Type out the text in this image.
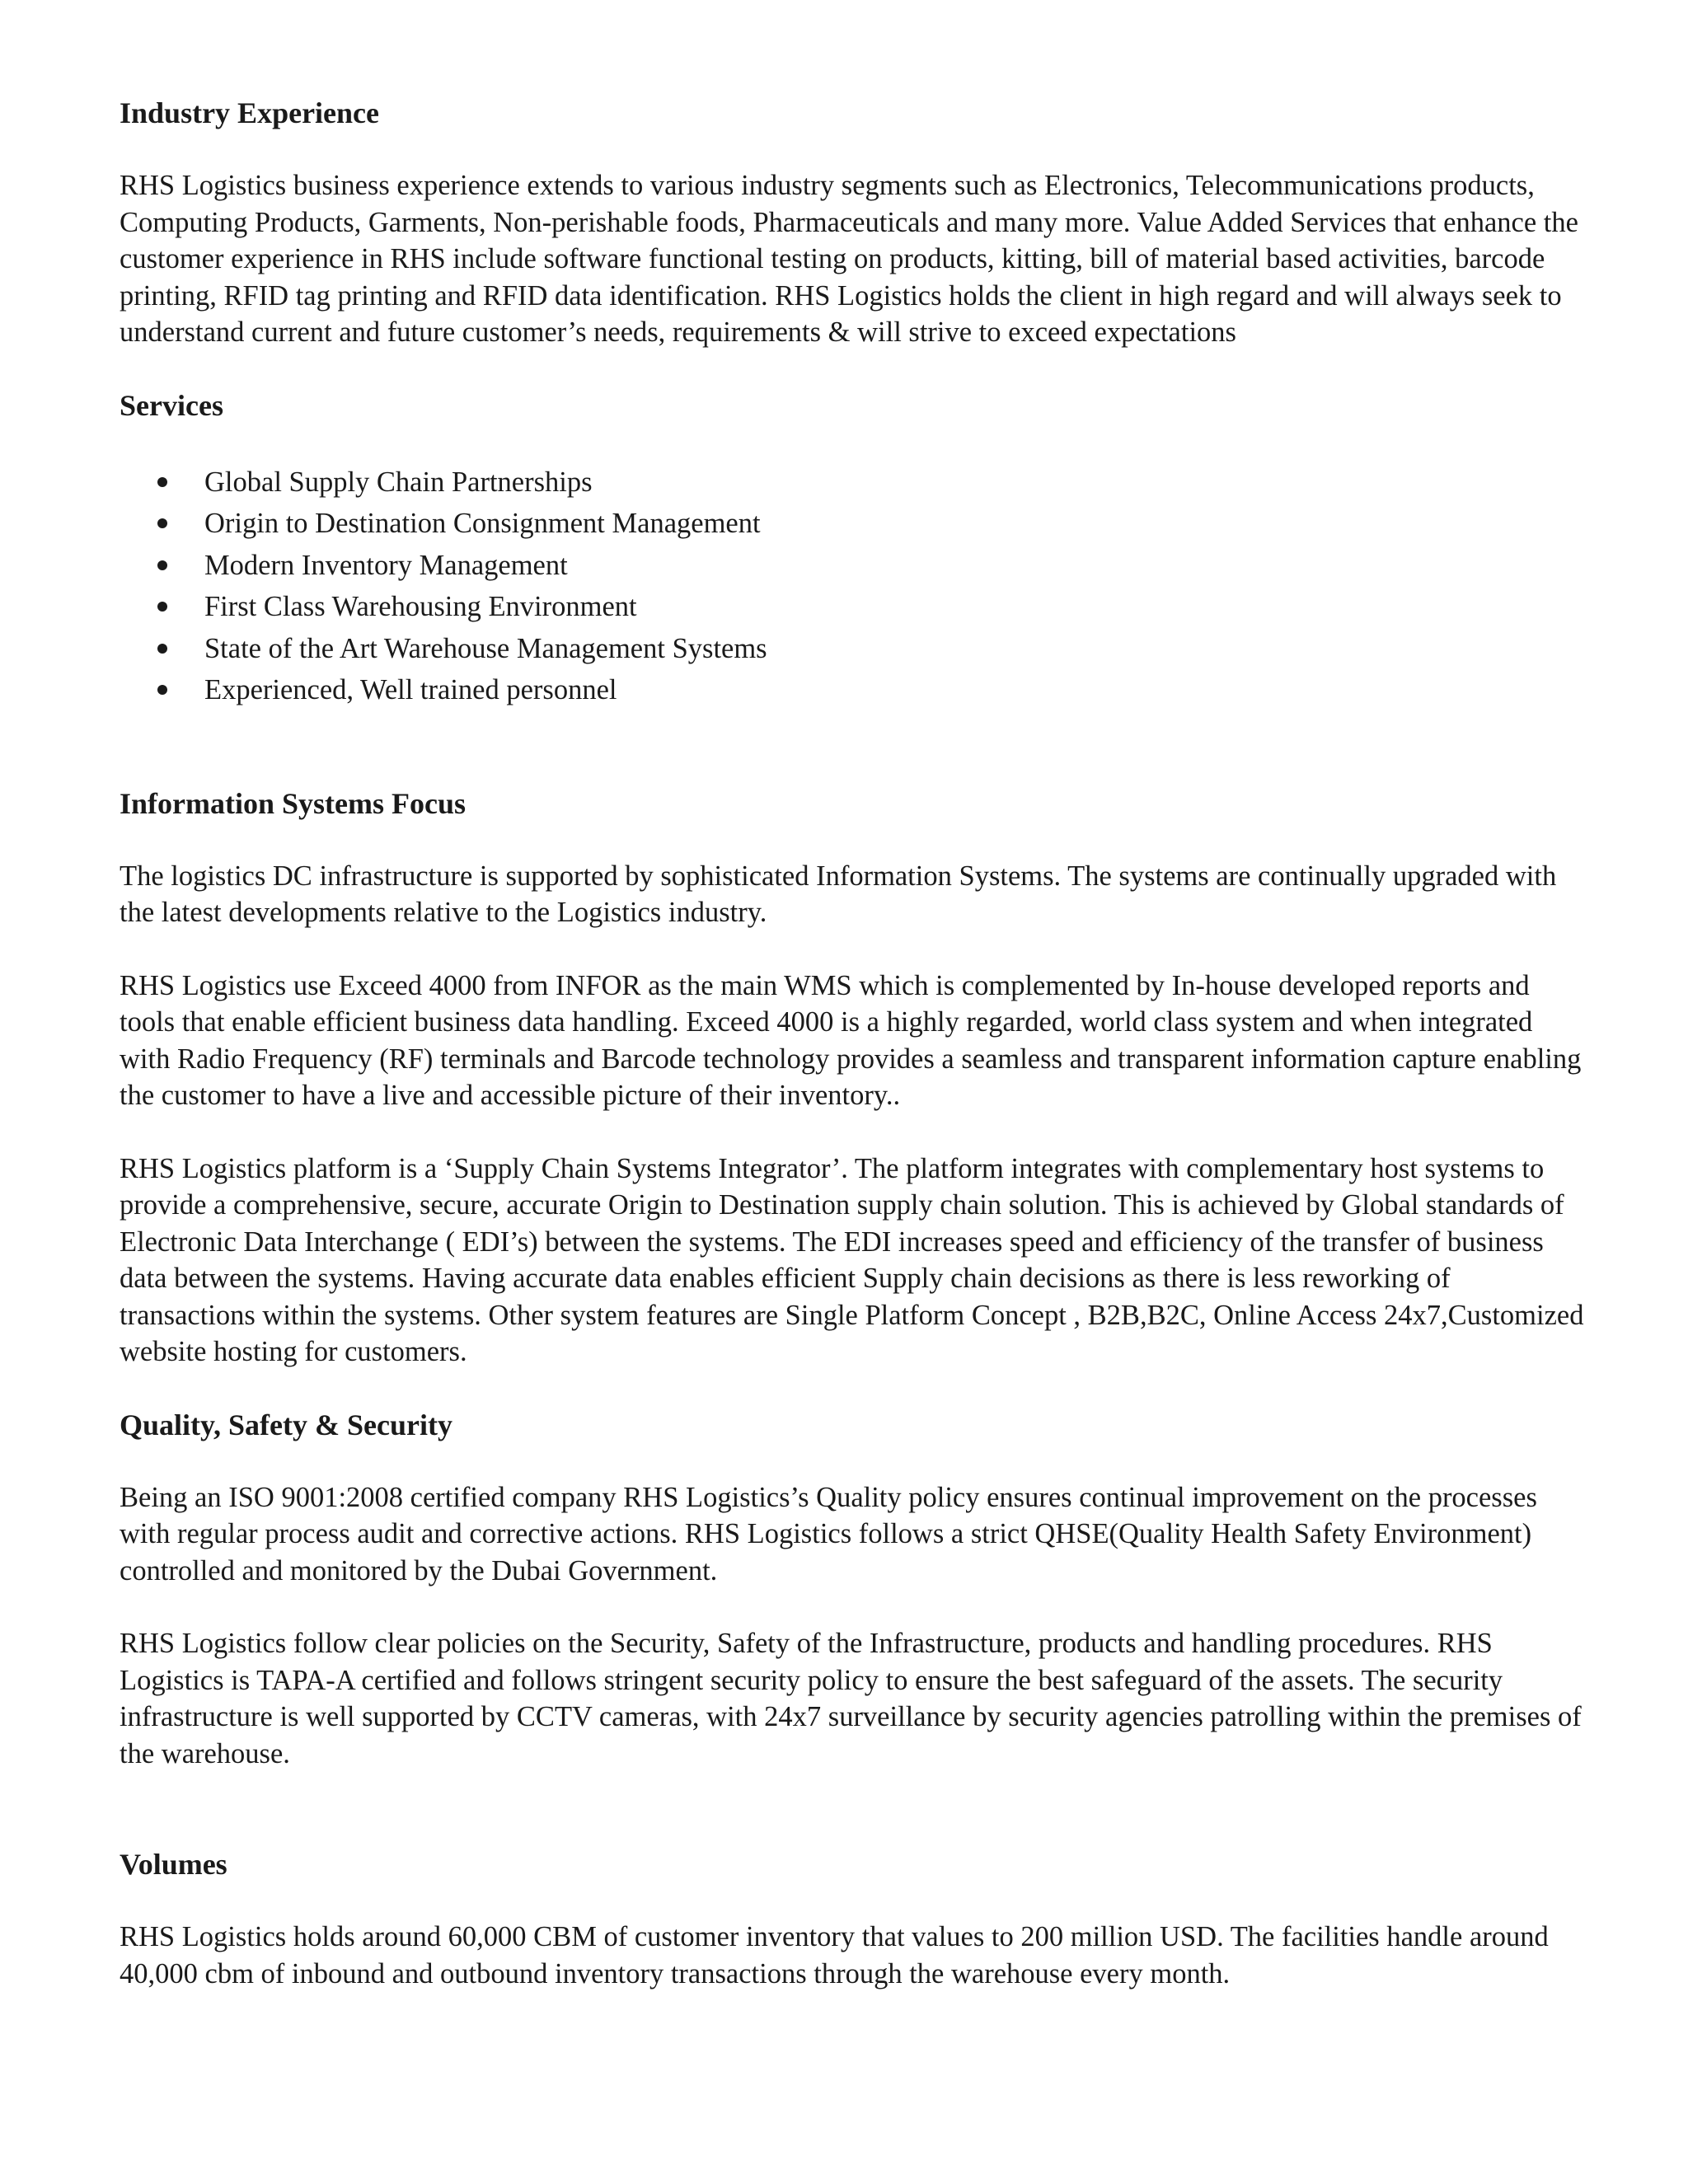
Industry Experience

RHS Logistics business experience extends to various industry segments such as Electronics, Telecommunications products, Computing Products, Garments, Non-perishable foods, Pharmaceuticals and many more. Value Added Services that enhance the customer experience in RHS include software functional testing on products, kitting, bill of material based activities, barcode printing, RFID tag printing and RFID data identification. RHS Logistics holds the client in high regard and will always seek to understand current and future customer’s needs, requirements & will strive to exceed expectations

Services
Global Supply Chain Partnerships
Origin to Destination Consignment Management
Modern Inventory Management
First Class Warehousing Environment
State of the Art Warehouse Management Systems
Experienced, Well trained personnel
Information Systems Focus

The logistics DC infrastructure is supported by sophisticated Information Systems. The systems are continually upgraded with the latest developments relative to the Logistics industry.

RHS Logistics use Exceed 4000 from INFOR as the main WMS which is complemented by In-house developed reports and tools that enable efficient business data handling. Exceed 4000 is a highly regarded, world class system and when integrated with Radio Frequency (RF) terminals and Barcode technology provides a seamless and transparent information capture enabling the customer to have a live and accessible picture of their inventory..

RHS Logistics platform is a ‘Supply Chain Systems Integrator’. The platform integrates with complementary host systems to provide a comprehensive, secure, accurate Origin to Destination supply chain solution. This is achieved by Global standards of Electronic Data Interchange ( EDI’s) between the systems. The EDI increases speed and efficiency of the transfer of business data between the systems. Having accurate data enables efficient Supply chain decisions as there is less reworking of transactions within the systems. Other system features are Single Platform Concept , B2B,B2C, Online Access 24x7,Customized website hosting for customers.

Quality, Safety & Security

Being an ISO 9001:2008 certified company RHS Logistics’s Quality policy ensures continual improvement on the processes with regular process audit and corrective actions. RHS Logistics follows a strict QHSE(Quality Health Safety Environment) controlled and monitored by the Dubai Government.

RHS Logistics follow clear policies on the Security, Safety of the Infrastructure, products and handling procedures. RHS Logistics is TAPA-A certified and follows stringent security policy to ensure the best safeguard of the assets. The security infrastructure is well supported by CCTV cameras, with 24x7 surveillance by security agencies patrolling within the premises of the warehouse.

Volumes

RHS Logistics holds around 60,000 CBM of customer inventory that values to 200 million USD. The facilities handle around 40,000 cbm of inbound and outbound inventory transactions through the warehouse every month.
